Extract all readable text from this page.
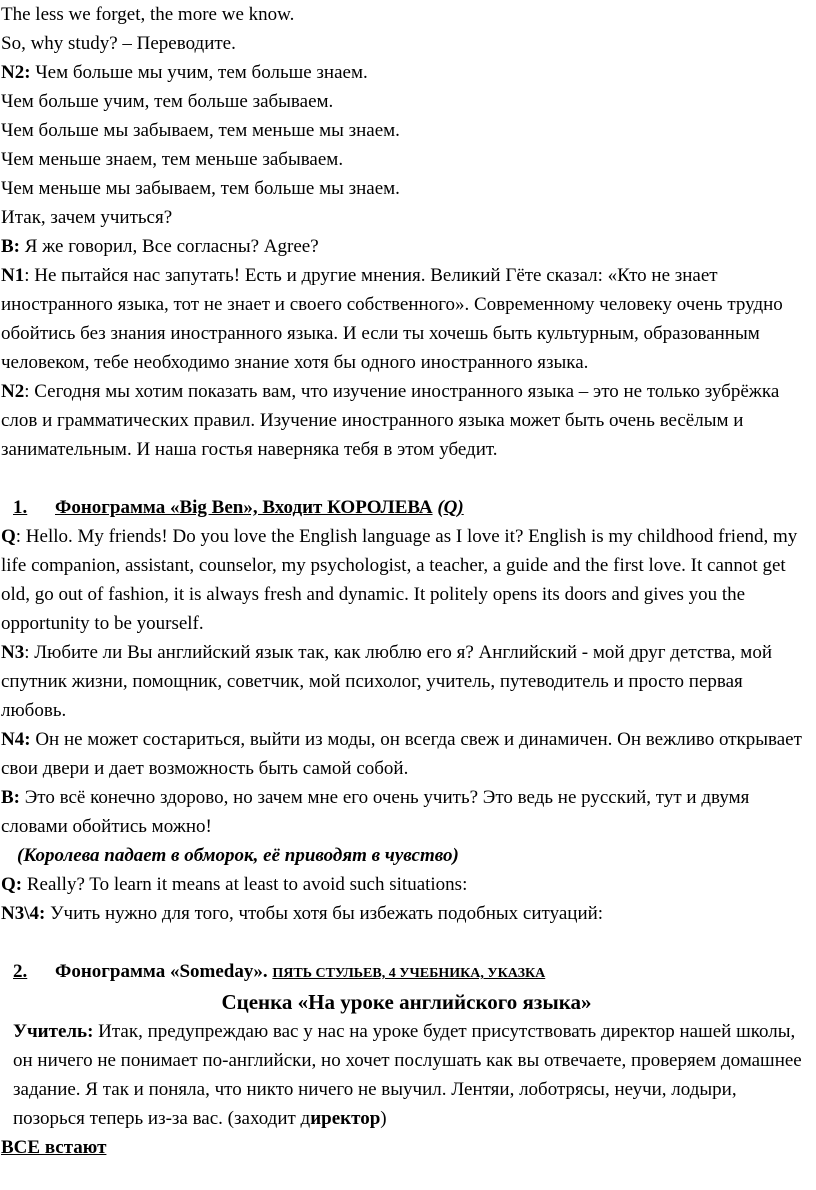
The less we forget, the more we know.

So, why study? – Переводите.

N2: Чем больше мы учим, тем больше знаем.

Чем больше учим, тем больше забываем.

Чем больше мы забываем, тем меньше мы знаем.

Чем меньше знаем, тем меньше забываем.

Чем меньше мы забываем, тем больше мы знаем.

Итак, зачем учиться?

B: Я же говорил, Все согласны? Agree?

N1: Не пытайся нас запутать! Есть и другие мнения. Великий Гёте сказал: «Кто не знает иностранного языка, тот не знает и своего собственного». Современному человеку очень трудно обойтись без знания иностранного языка. И если ты хочешь быть культурным, образованным человеком, тебе необходимо знание хотя бы одного иностранного языка.

N2: Сегодня мы хотим показать вам, что изучение иностранного языка – это не только зубрёжка слов и грамматических правил. Изучение иностранного языка может быть очень весёлым и занимательным. И наша гостья наверняка тебя в этом убедит.

1. Фонограмма «Big Ben», Входит КОРОЛЕВА (Q)

Q: Hello. My friends! Do you love the English language as I love it? English is my childhood friend, my life companion, assistant, counselor, my psychologist, a teacher, a guide and the first love. It cannot get old, go out of fashion, it is always fresh and dynamic. It politely opens its doors and gives you the opportunity to be yourself.

N3: Любите ли Вы английский язык так, как люблю его я? Английский - мой друг детства, мой спутник жизни, помощник, советчик, мой психолог, учитель, путеводитель и просто первая любовь.

N4: Он не может состариться, выйти из моды, он всегда свеж и динамичен. Он вежливо открывает свои двери и дает возможность быть самой собой.

B: Это всё конечно здорово, но зачем мне его очень учить? Это ведь не русский, тут и двумя словами обойтись можно!

(Королева падает в обморок, её приводят в чувство)

Q: Really? To learn it means at least to avoid such situations:

N3\4: Учить нужно для того, чтобы хотя бы избежать подобных ситуаций:

2. Фонограмма «Someday». ПЯТЬ СТУЛЬЕВ, 4 УЧЕБНИКА, УКАЗКА

Сценка «На уроке английского языка»

Учитель: Итак, предупреждаю вас у нас на уроке будет присутствовать директор нашей школы, он ничего не понимает по-английски, но хочет послушать как вы отвечаете, проверяем домашнее задание. Я так и поняла, что никто ничего не выучил. Лентяи, лоботрясы, неучи, лодыри, позорься теперь из-за вас. (заходит директор)

ВСЕ встают
